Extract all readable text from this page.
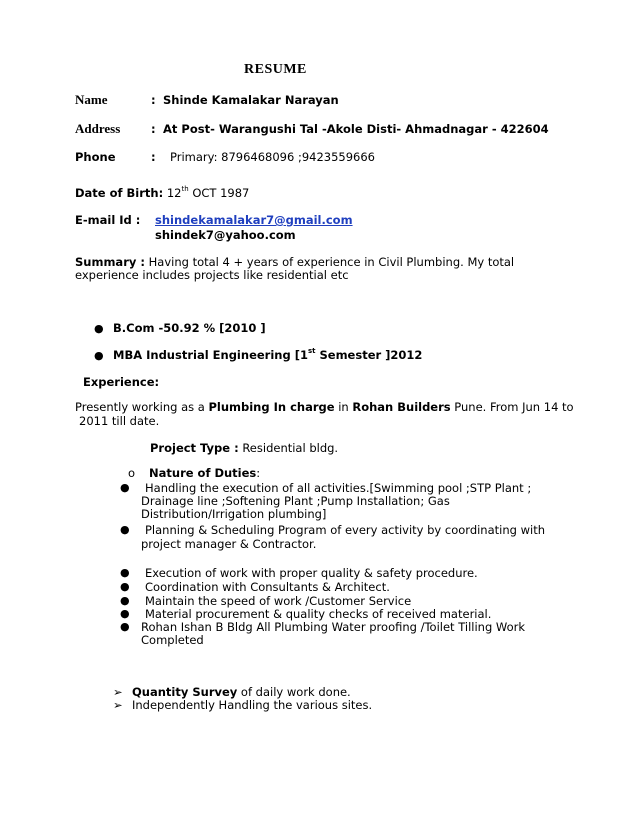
RESUME
Name	: Shinde Kamalakar Narayan
Address	: At Post- Warangushi Tal -Akole Disti- Ahmadnagar - 422604
Phone	: Primary: 8796468096 ;9423559666
Date of Birth: 12th OCT 1987
E-mail Id : shindekamalakar7@gmail.com
shindek7@yahoo.com
Summary : Having total 4 + years of experience in Civil Plumbing. My total
experience includes projects like residential etc
● B.Com -50.92 % [2010 ]
● MBA Industrial Engineering [1st Semester ]2012
Experience:
Presently working as a Plumbing In charge in Rohan Builders Pune. From Jun 14 to
2011 till date.
Project Type : Residential bldg.
o Nature of Duties:
● Handling the execution of all activities.[Swimming pool ;STP Plant ;
Drainage line ;Softening Plant ;Pump Installation; Gas
Distribution/Irrigation plumbing]
● Planning & Scheduling Program of every activity by coordinating with
project manager & Contractor.
● Execution of work with proper quality & safety procedure.
● Coordination with Consultants & Architect.
● Maintain the speed of work /Customer Service
● Material procurement & quality checks of received material.
● Rohan Ishan B Bldg All Plumbing Water proofing /Toilet Tilling Work
Completed
➢ Quantity Survey of daily work done.
➢ Independently Handling the various sites.
